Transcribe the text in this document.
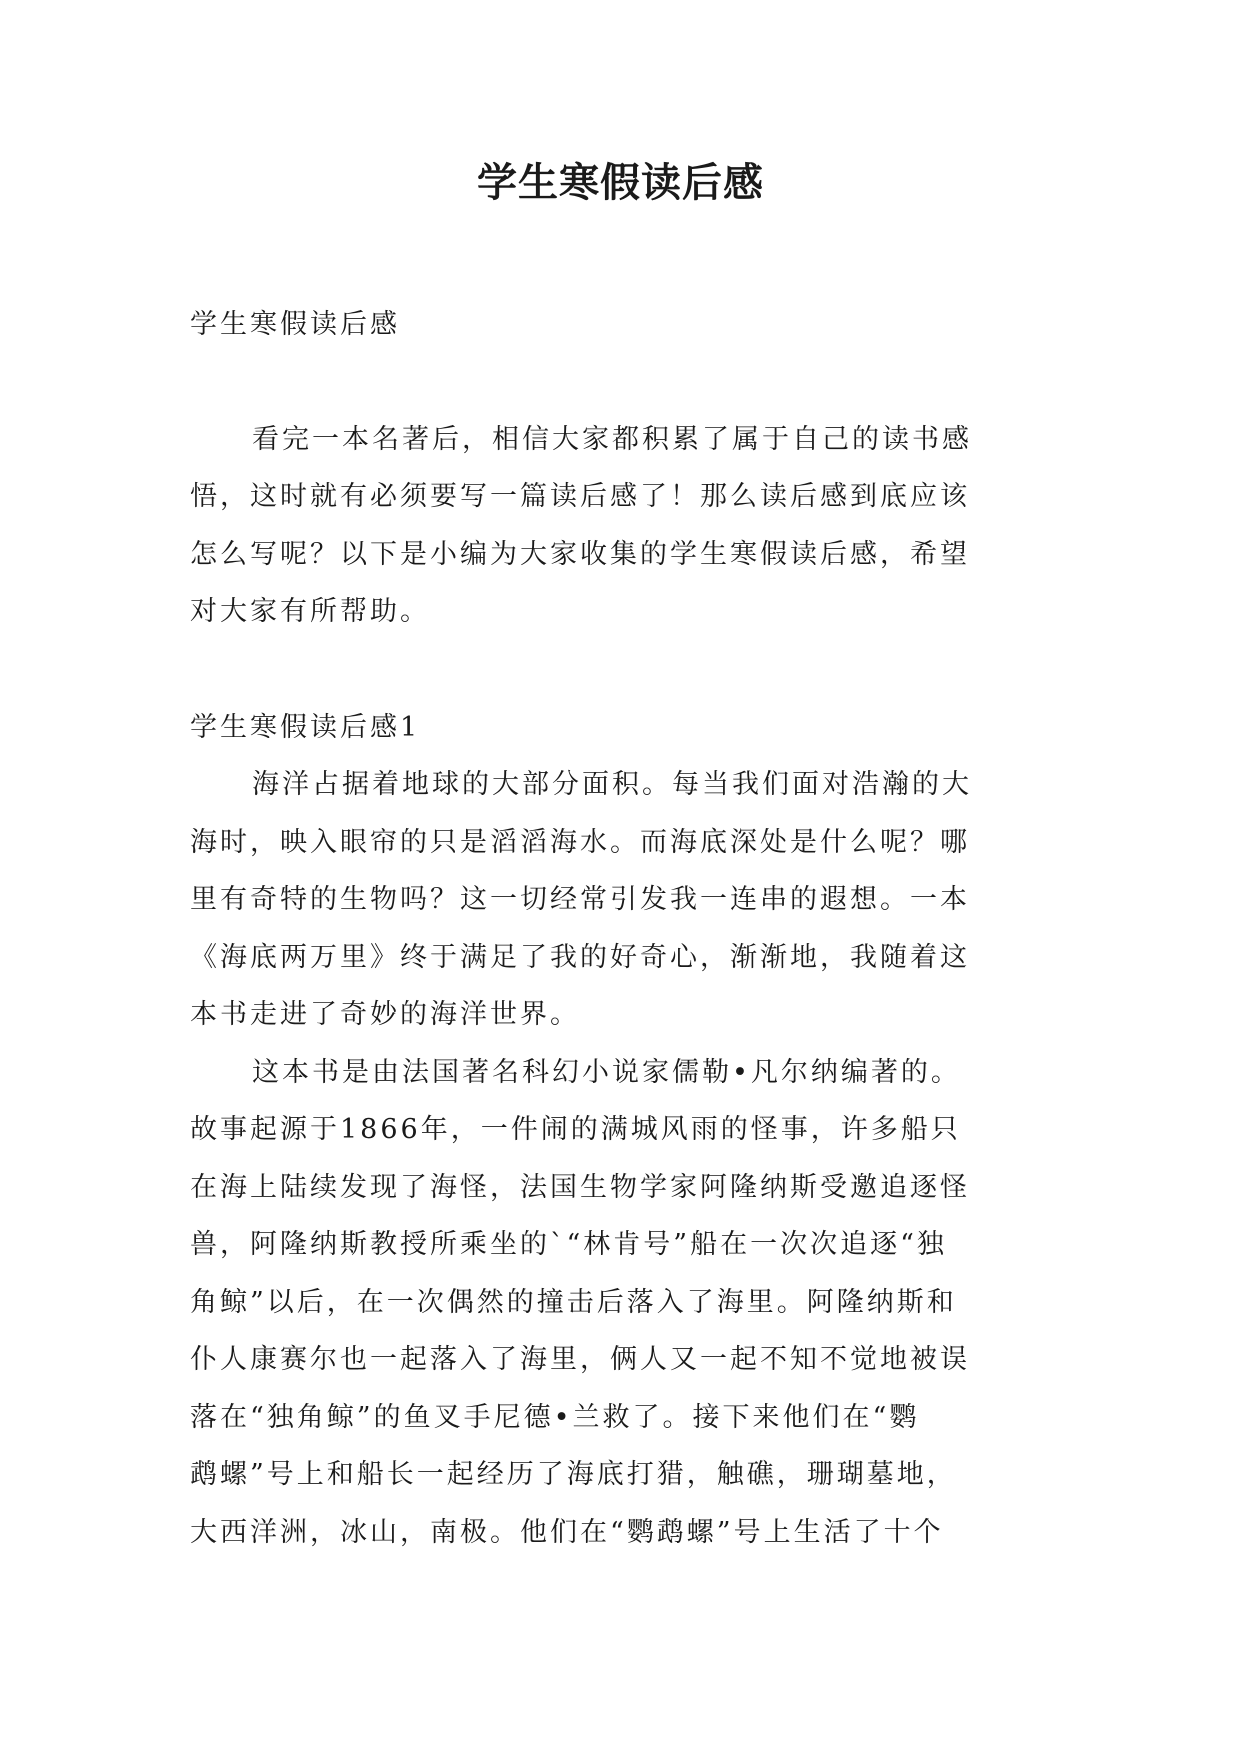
学生寒假读后感
学生寒假读后感
看完一本名著后，相信大家都积累了属于自己的读书感
悟，这时就有必须要写一篇读后感了！那么读后感到底应该
怎么写呢？以下是小编为大家收集的学生寒假读后感，希望
对大家有所帮助。
学生寒假读后感1
海洋占据着地球的大部分面积。每当我们面对浩瀚的大
海时，映入眼帘的只是滔滔海水。而海底深处是什么呢？哪
里有奇特的生物吗？这一切经常引发我一连串的遐想。一本
《海底两万里》终于满足了我的好奇心，渐渐地，我随着这
本书走进了奇妙的海洋世界。
这本书是由法国著名科幻小说家儒勒•凡尔纳编著的。
故事起源于1866年，一件闹的满城风雨的怪事，许多船只
在海上陆续发现了海怪，法国生物学家阿隆纳斯受邀追逐怪
兽，阿隆纳斯教授所乘坐的`“林肯号”船在一次次追逐“独
角鲸”以后，在一次偶然的撞击后落入了海里。阿隆纳斯和
仆人康赛尔也一起落入了海里，俩人又一起不知不觉地被误
落在“独角鲸”的鱼叉手尼德•兰救了。接下来他们在“鹦
鹉螺”号上和船长一起经历了海底打猎，触礁，珊瑚墓地，
大西洋洲，冰山，南极。他们在“鹦鹉螺”号上生活了十个
